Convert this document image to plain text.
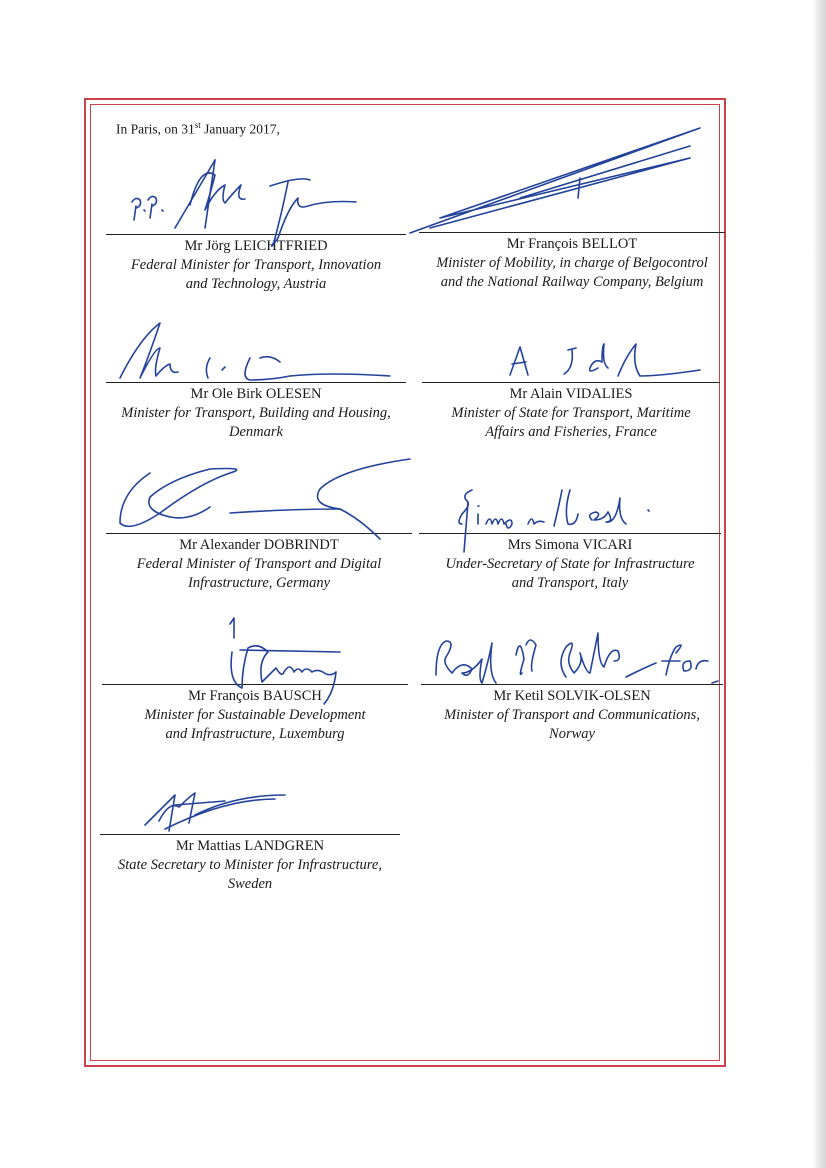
In Paris, on 31st January 2017,
Mr Jörg LEICHTFRIED
Federal Minister for Transport, Innovation
and Technology, Austria
Mr François BELLOT
Minister of Mobility, in charge of Belgocontrol
and the National Railway Company, Belgium
Mr Ole Birk OLESEN
Minister for Transport, Building and Housing,
Denmark
Mr Alain VIDALIES
Minister of State for Transport, Maritime
Affairs and Fisheries, France
Mr Alexander DOBRINDT
Federal Minister of Transport and Digital
Infrastructure, Germany
Mrs Simona VICARI
Under-Secretary of State for Infrastructure
and Transport, Italy
Mr François BAUSCH
Minister for Sustainable Development
and Infrastructure, Luxemburg
Mr Ketil SOLVIK-OLSEN
Minister of Transport and Communications,
Norway
Mr Mattias LANDGREN
State Secretary to Minister for Infrastructure,
Sweden
